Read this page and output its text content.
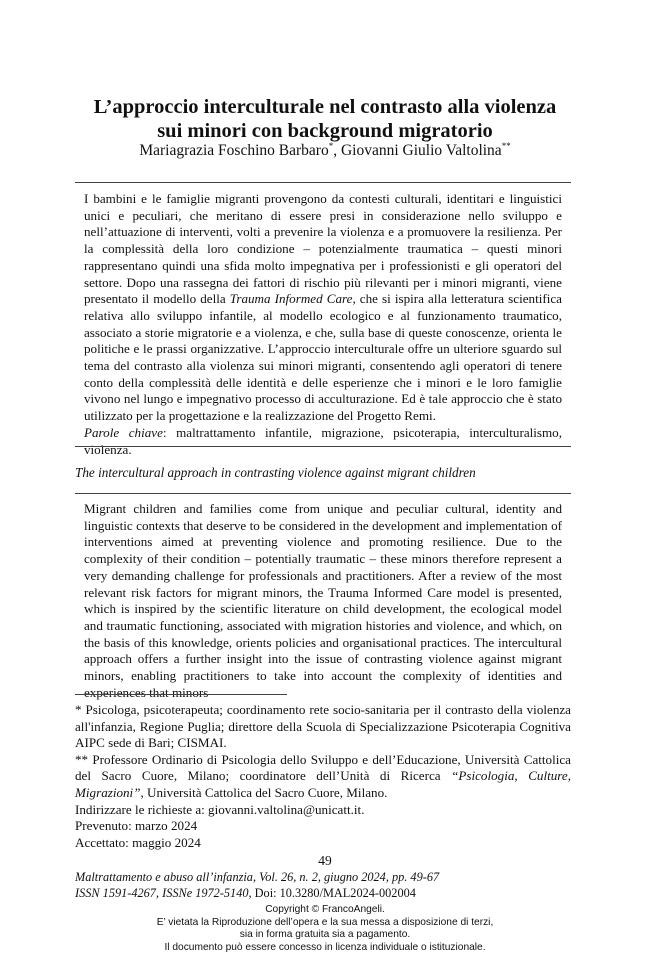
L’approccio interculturale nel contrasto alla violenza
sui minori con background migratorio
Mariagrazia Foschino Barbaro*, Giovanni Giulio Valtolina**

I bambini e le famiglie migranti provengono da contesti culturali, identitari e linguistici unici e peculiari, che meritano di essere presi in considerazione nello sviluppo e nell’attuazione di interventi, volti a prevenire la violenza e a promuovere la resilienza. Per la complessità della loro condizione – potenzialmente traumatica – questi minori rappresentano quindi una sfida molto impegnativa per i professionisti e gli operatori del settore. Dopo una rassegna dei fattori di rischio più rilevanti per i minori migranti, viene presentato il modello della Trauma Informed Care, che si ispira alla letteratura scientifica relativa allo sviluppo infantile, al modello ecologico e al funzionamento traumatico, associato a storie migratorie e a violenza, e che, sulla base di queste conoscenze, orienta le politiche e le prassi organizzative. L’approccio interculturale offre un ulteriore sguardo sul tema del contrasto alla violenza sui minori migranti, consentendo agli operatori di tenere conto della complessità delle identità e delle esperienze che i minori e le loro famiglie vivono nel lungo e impegnativo processo di acculturazione. Ed è tale approccio che è stato utilizzato per la progettazione e la realizzazione del Progetto Remi.

Parole chiave: maltrattamento infantile, migrazione, psicoterapia, interculturalismo, violenza.

The intercultural approach in contrasting violence against migrant children

Migrant children and families come from unique and peculiar cultural, identity and linguistic contexts that deserve to be considered in the development and implementation of interventions aimed at preventing violence and promoting resilience. Due to the complexity of their condition – potentially traumatic – these minors therefore represent a very demanding challenge for professionals and practitioners. After a review of the most relevant risk factors for migrant minors, the Trauma Informed Care model is presented, which is inspired by the scientific literature on child development, the ecological model and traumatic functioning, associated with migration histories and violence, and which, on the basis of this knowledge, orients policies and organisational practices. The intercultural approach offers a further insight into the issue of contrasting violence against migrant minors, enabling practitioners to take into account the complexity of identities and experiences that minors

* Psicologa, psicoterapeuta; coordinamento rete socio-sanitaria per il contrasto della violenza all'infanzia, Regione Puglia; direttore della Scuola di Specializzazione Psicoterapia Cognitiva AIPC sede di Bari; CISMAI.

** Professore Ordinario di Psicologia dello Sviluppo e dell’Educazione, Università Cattolica del Sacro Cuore, Milano; coordinatore dell’Unità di Ricerca “Psicologia, Culture, Migrazioni”, Università Cattolica del Sacro Cuore, Milano.

Indirizzare le richieste a: giovanni.valtolina@unicatt.it.

Prevenuto: marzo 2024

Accettato: maggio 2024

49
Maltrattamento e abuso all’infanzia, Vol. 26, n. 2, giugno 2024, pp. 49-67
ISSN 1591-4267, ISSNe 1972-5140, Doi: 10.3280/MAL2024-002004
Copyright © FrancoAngeli.
E’ vietata la Riproduzione dell’opera e la sua messa a disposizione di terzi,
sia in forma gratuita sia a pagamento.
Il documento può essere concesso in licenza individuale o istituzionale.
